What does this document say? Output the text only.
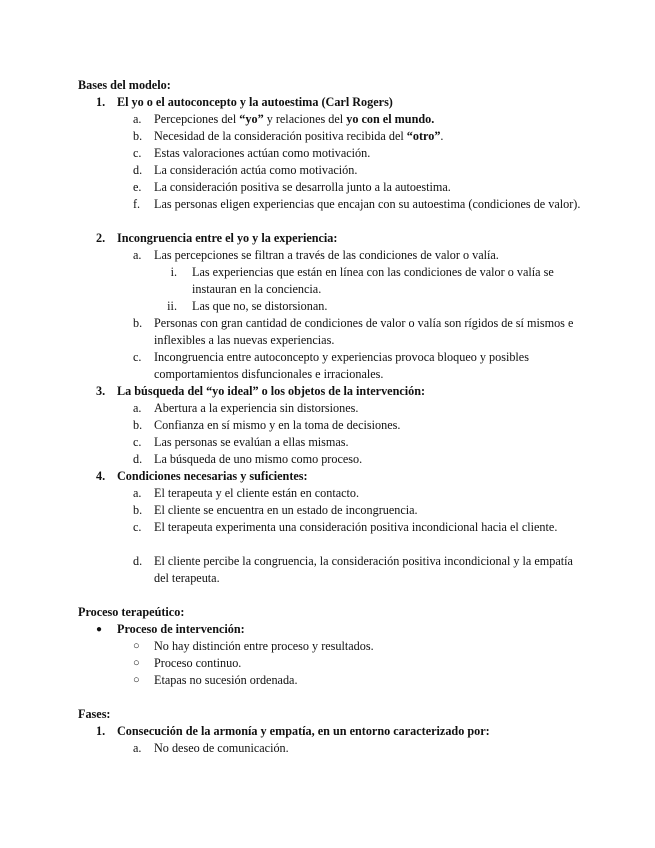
Bases del modelo:
1. El yo o el autoconcepto y la autoestima (Carl Rogers)
a. Percepciones del “yo” y relaciones del yo con el mundo.
b. Necesidad de la consideración positiva recibida del “otro”.
c. Estas valoraciones actúan como motivación.
d. La consideración actúa como motivación.
e. La consideración positiva se desarrolla junto a la autoestima.
f. Las personas eligen experiencias que encajan con su autoestima (condiciones de valor).
2. Incongruencia entre el yo y la experiencia:
a. Las percepciones se filtran a través de las condiciones de valor o valía.
i. Las experiencias que están en línea con las condiciones de valor o valía se instauran en la conciencia.
ii. Las que no, se distorsionan.
b. Personas con gran cantidad de condiciones de valor o valía son rígidos de sí mismos e inflexibles a las nuevas experiencias.
c. Incongruencia entre autoconcepto y experiencias provoca bloqueo y posibles comportamientos disfuncionales e irracionales.
3. La búsqueda del “yo ideal” o los objetos de la intervención:
a. Abertura a la experiencia sin distorsiones.
b. Confianza en sí mismo y en la toma de decisiones.
c. Las personas se evalúan a ellas mismas.
d. La búsqueda de uno mismo como proceso.
4. Condiciones necesarias y suficientes:
a. El terapeuta y el cliente están en contacto.
b. El cliente se encuentra en un estado de incongruencia.
c. El terapeuta experimenta una consideración positiva incondicional hacia el cliente.
d. El cliente percibe la congruencia, la consideración positiva incondicional y la empatía del terapeuta.
Proceso terapeútico:
● Proceso de intervención:
○ No hay distinción entre proceso y resultados.
○ Proceso continuo.
○ Etapas no sucesión ordenada.
Fases:
1. Consecución de la armonía y empatía, en un entorno caracterizado por:
a. No deseo de comunicación.
